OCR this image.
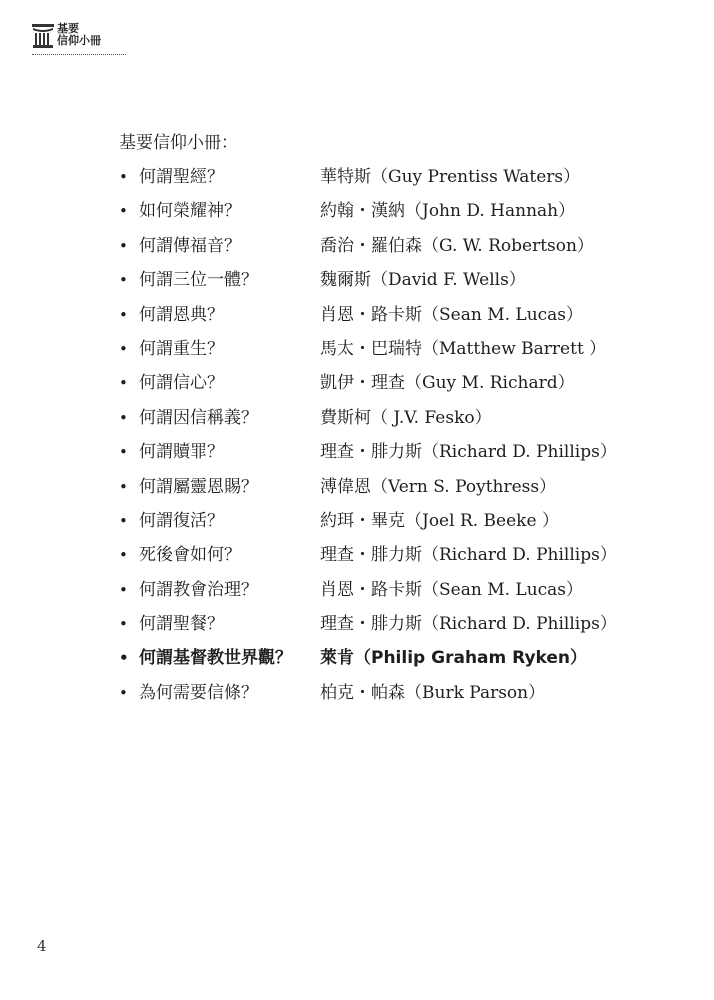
基要
信仰小冊
基要信仰小冊：
• 何謂聖經？	華特斯（Guy Prentiss Waters）
• 如何榮耀神？	約翰・漢納（John D. Hannah）
• 何謂傳福音？	喬治・羅伯森（G. W. Robertson）
• 何謂三位一體？	魏爾斯（David F. Wells）
• 何謂恩典？	肖恩・路卡斯（Sean M. Lucas）
• 何謂重生？	馬太・巴瑞特（Matthew Barrett ）
• 何謂信心？	凱伊・理查（Guy M. Richard）
• 何謂因信稱義？	費斯柯（ J.V. Fesko）
• 何謂贖罪？	理查・腓力斯（Richard D. Phillips）
• 何謂屬靈恩賜？	溥偉恩（Vern S. Poythress）
• 何謂復活？	約珥・畢克（Joel R. Beeke ）
• 死後會如何？	理查・腓力斯（Richard D. Phillips）
• 何謂教會治理？	肖恩・路卡斯（Sean M. Lucas）
• 何謂聖餐？	理查・腓力斯（Richard D. Phillips）
• 何謂基督教世界觀？ 萊肯（Philip Graham Ryken）
• 為何需要信條？	柏克・帕森（Burk Parson）
4
